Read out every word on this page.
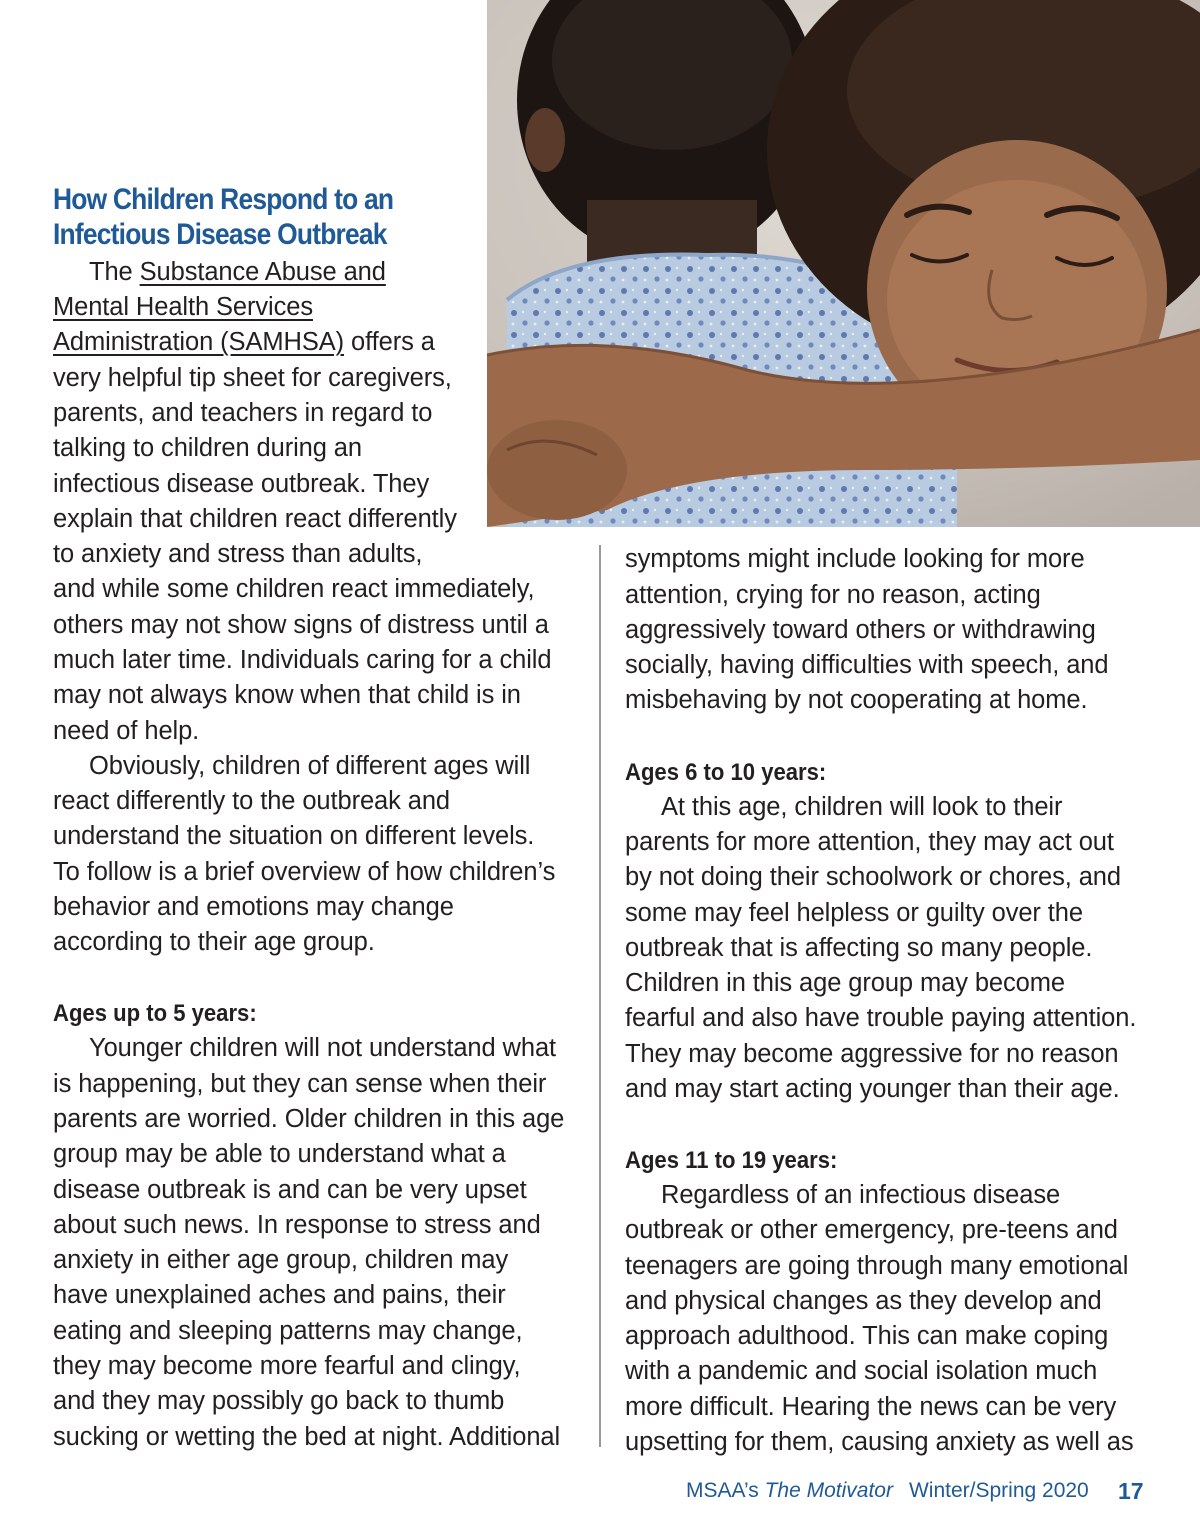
How Children Respond to an
Infectious Disease Outbreak
The Substance Abuse and
Mental Health Services
Administration (SAMHSA) offers a
very helpful tip sheet for caregivers,
parents, and teachers in regard to
talking to children during an
infectious disease outbreak. They
explain that children react differently
to anxiety and stress than adults,
and while some children react immediately,
others may not show signs of distress until a
much later time. Individuals caring for a child
may not always know when that child is in
need of help.
Obviously, children of different ages will
react differently to the outbreak and
understand the situation on different levels.
To follow is a brief overview of how children’s
behavior and emotions may change
according to their age group.
Ages up to 5 years:
Younger children will not understand what
is happening, but they can sense when their
parents are worried. Older children in this age
group may be able to understand what a
disease outbreak is and can be very upset
about such news. In response to stress and
anxiety in either age group, children may
have unexplained aches and pains, their
eating and sleeping patterns may change,
they may become more fearful and clingy,
and they may possibly go back to thumb
sucking or wetting the bed at night. Additional
symptoms might include looking for more
attention, crying for no reason, acting
aggressively toward others or withdrawing
socially, having difficulties with speech, and
misbehaving by not cooperating at home.
Ages 6 to 10 years:
At this age, children will look to their
parents for more attention, they may act out
by not doing their schoolwork or chores, and
some may feel helpless or guilty over the
outbreak that is affecting so many people.
Children in this age group may become
fearful and also have trouble paying attention.
They may become aggressive for no reason
and may start acting younger than their age.
Ages 11 to 19 years:
Regardless of an infectious disease
outbreak or other emergency, pre-teens and
teenagers are going through many emotional
and physical changes as they develop and
approach adulthood. This can make coping
with a pandemic and social isolation much
more difficult. Hearing the news can be very
upsetting for them, causing anxiety as well as
MSAA’s The Motivator Winter/Spring 2020 17
